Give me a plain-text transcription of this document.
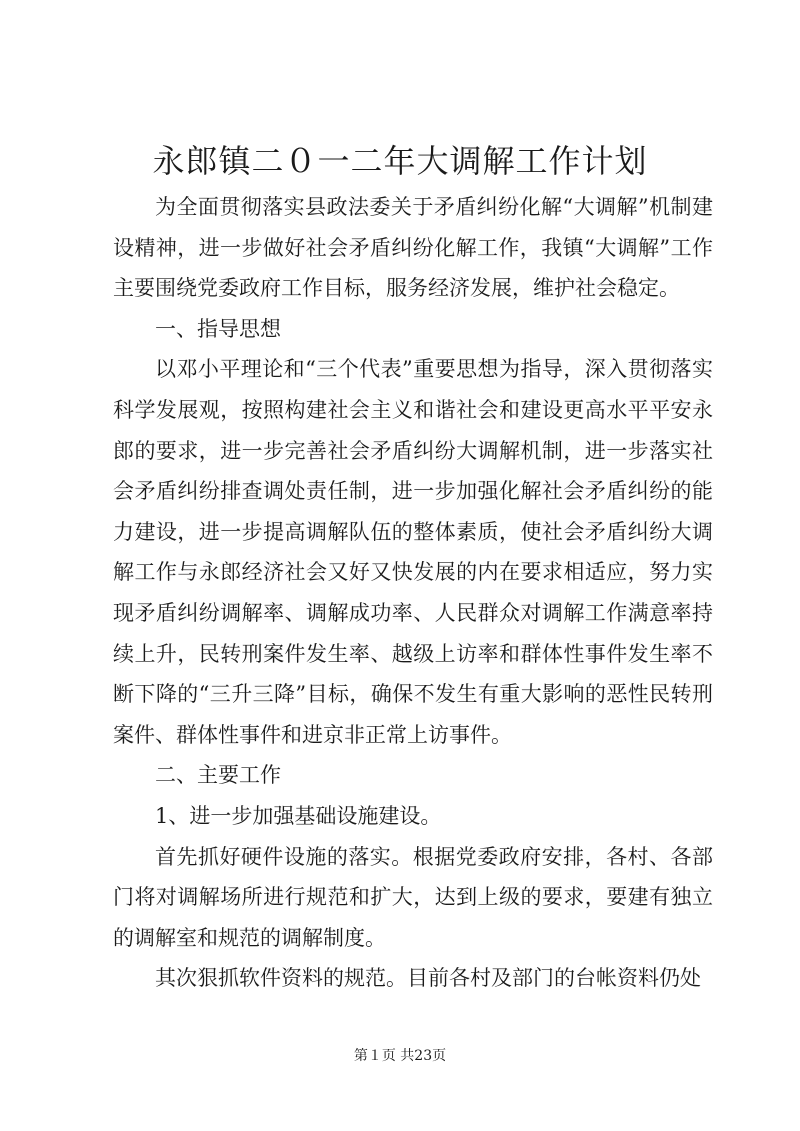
永郎镇二０一二年大调解工作计划

为全面贯彻落实县政法委关于矛盾纠纷化解“大调解”机制建设精神，进一步做好社会矛盾纠纷化解工作，我镇“大调解”工作主要围绕党委政府工作目标，服务经济发展，维护社会稳定。

一、指导思想

以邓小平理论和“三个代表”重要思想为指导，深入贯彻落实科学发展观，按照构建社会主义和谐社会和建设更高水平平安永郎的要求，进一步完善社会矛盾纠纷大调解机制，进一步落实社会矛盾纠纷排查调处责任制，进一步加强化解社会矛盾纠纷的能力建设，进一步提高调解队伍的整体素质，使社会矛盾纠纷大调解工作与永郎经济社会又好又快发展的内在要求相适应，努力实现矛盾纠纷调解率、调解成功率、人民群众对调解工作满意率持续上升，民转刑案件发生率、越级上访率和群体性事件发生率不断下降的“三升三降”目标，确保不发生有重大影响的恶性民转刑案件、群体性事件和进京非正常上访事件。

二、主要工作

1、进一步加强基础设施建设。

首先抓好硬件设施的落实。根据党委政府安排，各村、各部门将对调解场所进行规范和扩大，达到上级的要求，要建有独立的调解室和规范的调解制度。

其次狠抓软件资料的规范。目前各村及部门的台帐资料仍处

第１页 共23页
